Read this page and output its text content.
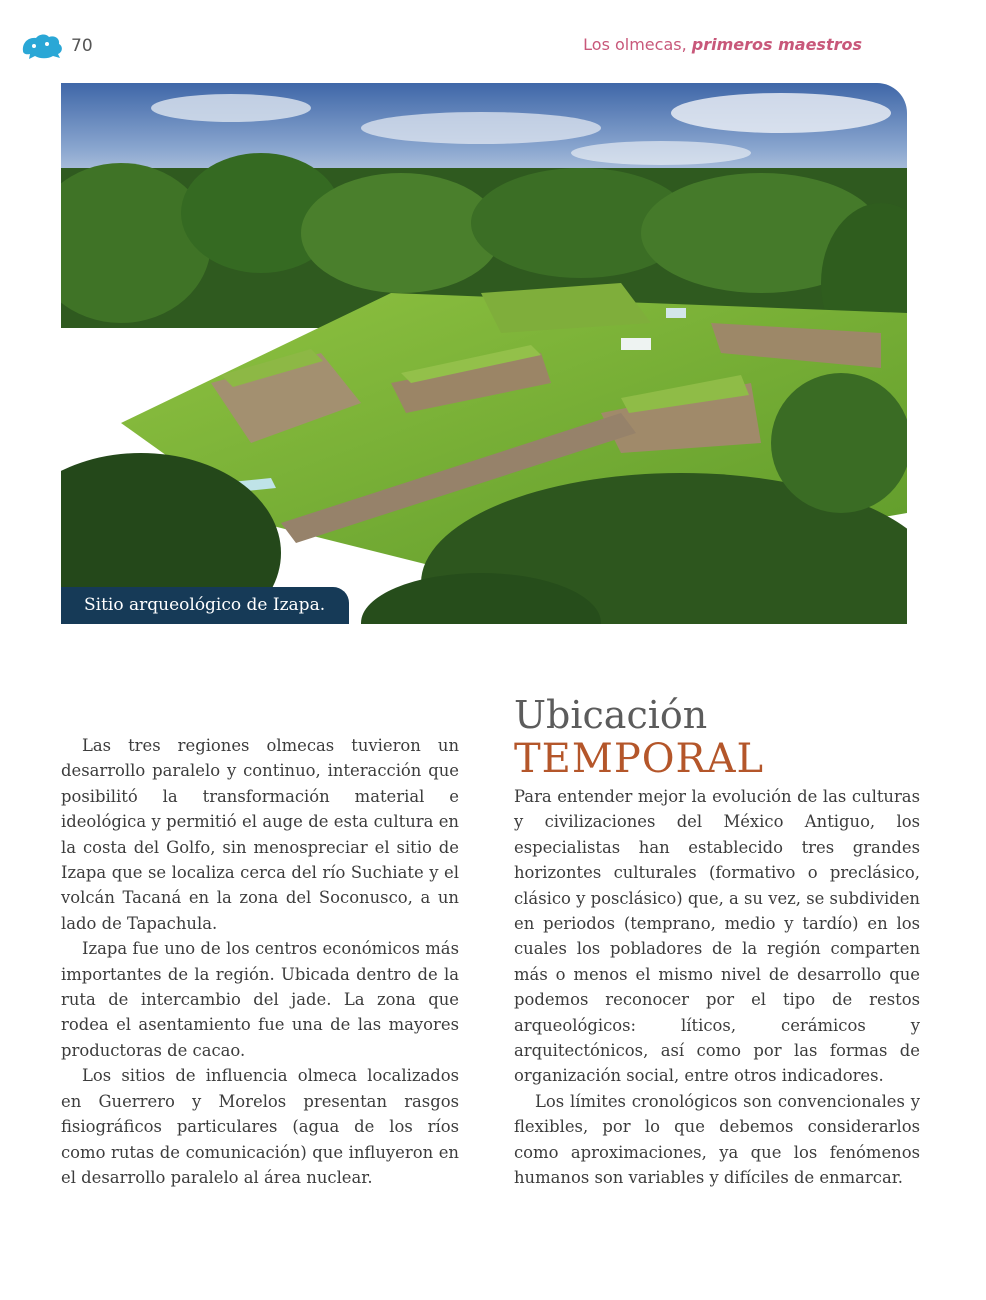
70	Los olmecas, primeros maestros
Sitio arqueológico de Izapa.

Las tres regiones olmecas tuvieron un desarrollo paralelo y continuo, interacción que posibilitó la transformación material e ideológica y permitió el auge de esta cultura en la costa del Golfo, sin menospreciar el sitio de Izapa que se localiza cerca del río Suchiate y el volcán Tacaná en la zona del Soconusco, a un lado de Tapachula.

Izapa fue uno de los centros económicos más importantes de la región. Ubicada dentro de la ruta de intercambio del jade. La zona que rodea el asentamiento fue una de las mayores productoras de cacao.

Los sitios de influencia olmeca localizados en Guerrero y Morelos presentan rasgos fisiográficos particulares (agua de los ríos como rutas de comunicación) que influyeron en el desarrollo paralelo al área nuclear.

Ubicación
TEMPORAL

Para entender mejor la evolución de las culturas y civilizaciones del México Antiguo, los especialistas han establecido tres grandes horizontes culturales (formativo o preclásico, clásico y posclásico) que, a su vez, se subdividen en periodos (temprano, medio y tardío) en los cuales los pobladores de la región comparten más o menos el mismo nivel de desarrollo que podemos reconocer por el tipo de restos arqueológicos: líticos, cerámicos y arquitectónicos, así como por las formas de organización social, entre otros indicadores.

Los límites cronológicos son convencionales y flexibles, por lo que debemos considerarlos como aproximaciones, ya que los fenómenos humanos son variables y difíciles de enmarcar.
